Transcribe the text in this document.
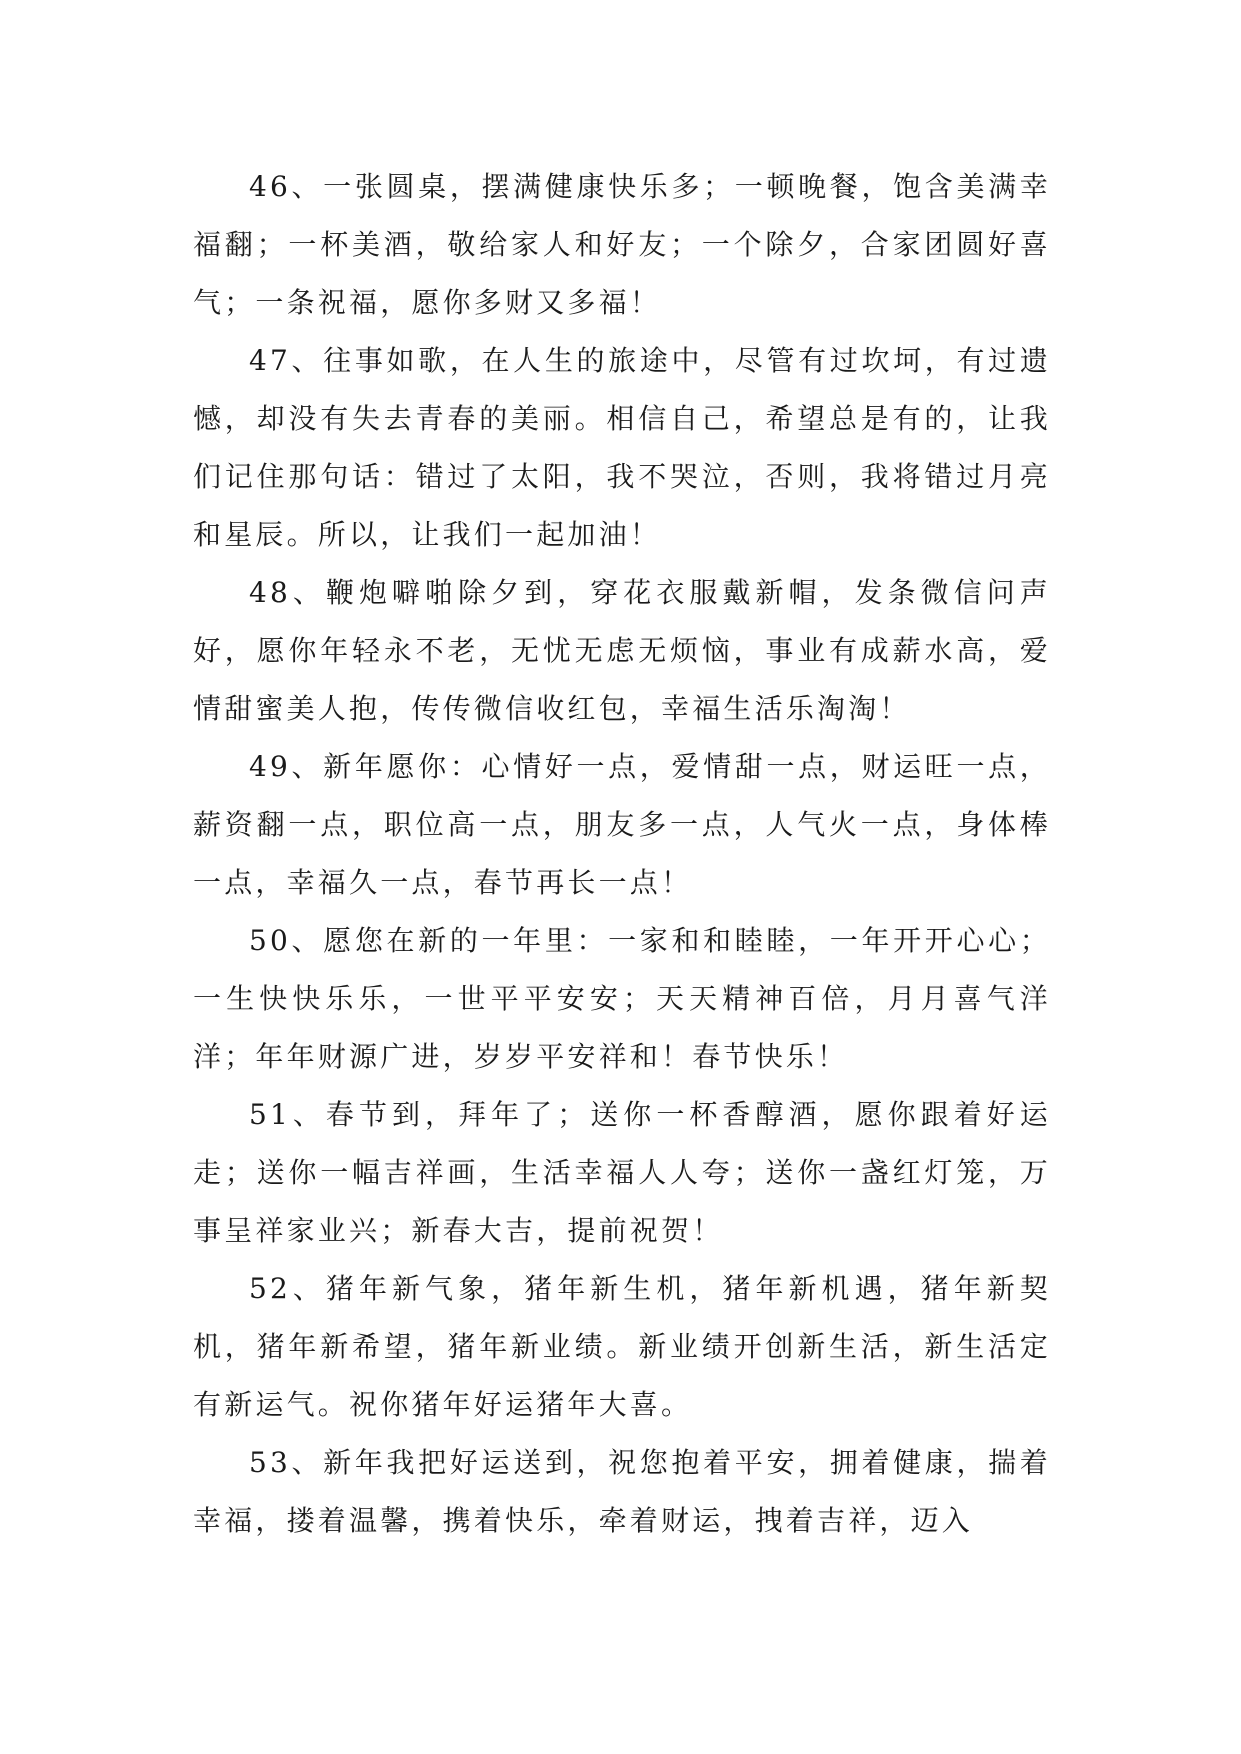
46、一张圆桌，摆满健康快乐多；一顿晚餐，饱含美满幸福翻；一杯美酒，敬给家人和好友；一个除夕，合家团圆好喜气；一条祝福，愿你多财又多福！

47、往事如歌，在人生的旅途中，尽管有过坎坷，有过遗憾，却没有失去青春的美丽。相信自己，希望总是有的，让我们记住那句话：错过了太阳，我不哭泣，否则，我将错过月亮和星辰。所以，让我们一起加油！

48、鞭炮噼啪除夕到，穿花衣服戴新帽，发条微信问声好，愿你年轻永不老，无忧无虑无烦恼，事业有成薪水高，爱情甜蜜美人抱，传传微信收红包，幸福生活乐淘淘！

49、新年愿你：心情好一点，爱情甜一点，财运旺一点，薪资翻一点，职位高一点，朋友多一点，人气火一点，身体棒一点，幸福久一点，春节再长一点！

50、愿您在新的一年里：一家和和睦睦，一年开开心心；一生快快乐乐，一世平平安安；天天精神百倍，月月喜气洋洋；年年财源广进，岁岁平安祥和！春节快乐！

51、春节到，拜年了；送你一杯香醇酒，愿你跟着好运走；送你一幅吉祥画，生活幸福人人夸；送你一盏红灯笼，万事呈祥家业兴；新春大吉，提前祝贺！

52、猪年新气象，猪年新生机，猪年新机遇，猪年新契机，猪年新希望，猪年新业绩。新业绩开创新生活，新生活定有新运气。祝你猪年好运猪年大喜。

53、新年我把好运送到，祝您抱着平安，拥着健康，揣着幸福，搂着温馨，携着快乐，牵着财运，拽着吉祥，迈入
